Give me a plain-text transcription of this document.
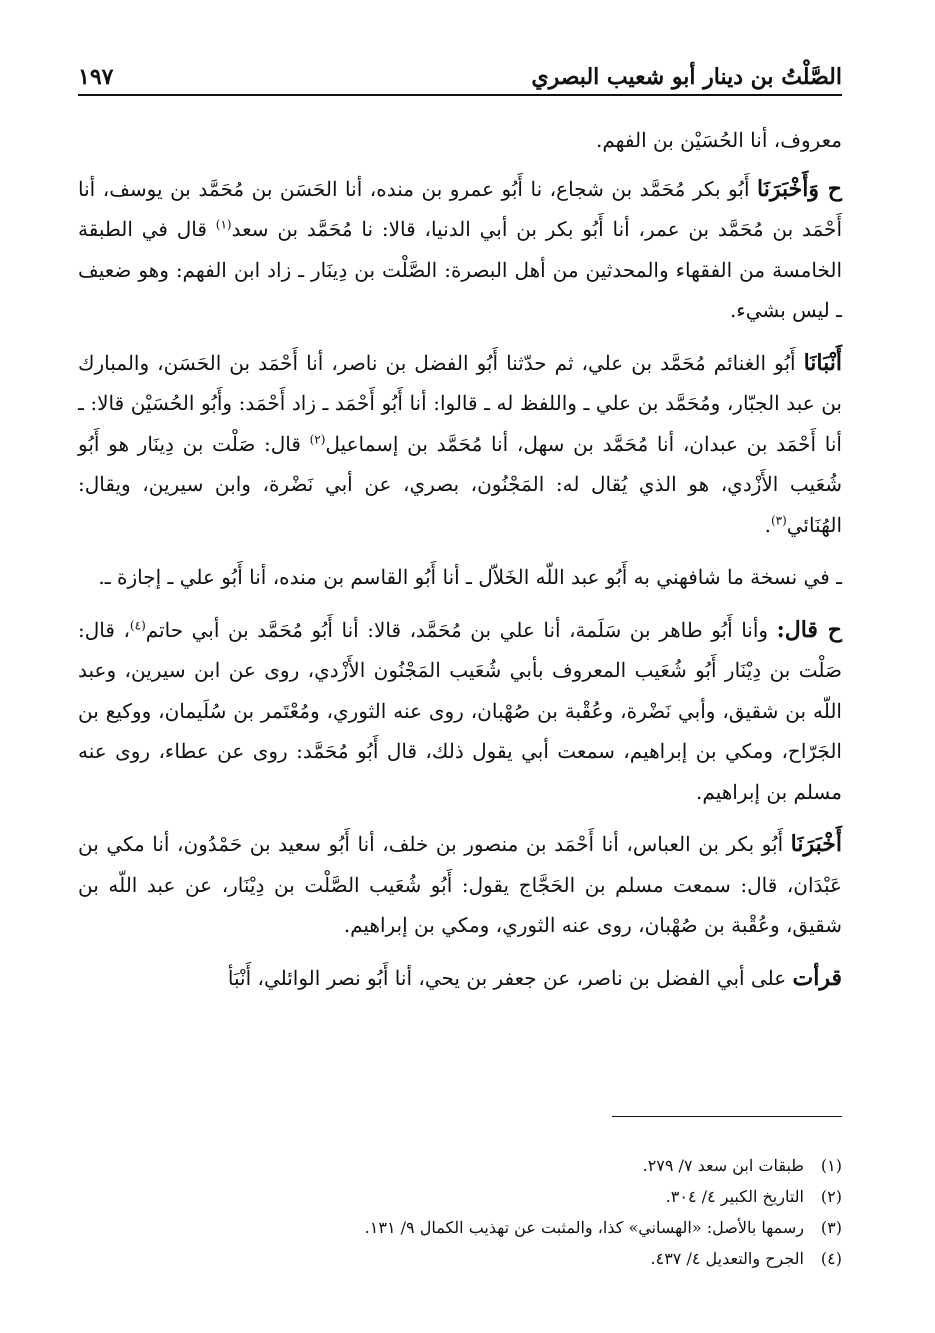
الصَّلْتُ بن دينار أبو شعيب البصري
١٩٧

معروف، أنا الحُسَيْن بن الفهم.

ح وَأَخْبَرَنَا أَبُو بكر مُحَمَّد بن شجاع، نا أَبُو عمرو بن منده، أنا الحَسَن بن مُحَمَّد بن يوسف، أنا أَحْمَد بن مُحَمَّد بن عمر، أنا أَبُو بكر بن أبي الدنيا، قالا: نا مُحَمَّد بن سعد$^{(١)}$ قال في الطبقة الخامسة من الفقهاء والمحدثين من أهل البصرة: الصَّلْت بن دِينَار ـ زاد ابن الفهم: وهو ضعيف ـ ليس بشيء.

أَنْبَانَا أَبُو الغنائم مُحَمَّد بن علي، ثم حدّثنا أَبُو الفضل بن ناصر، أنا أَحْمَد بن الحَسَن، والمبارك بن عبد الجبّار، ومُحَمَّد بن علي ـ واللفظ له ـ قالوا: أنا أَبُو أَحْمَد ـ زاد أَحْمَد: وأَبُو الحُسَيْن قالا: ـ أنا أَحْمَد بن عبدان، أنا مُحَمَّد بن سهل، أنا مُحَمَّد بن إسماعيل$^{(٢)}$ قال: صَلْت بن دِينَار هو أَبُو شُعَيب الأَزْدي، هو الذي يُقال له: المَجْنُون، بصري، عن أبي نَضْرة، وابن سيرين، ويقال: الهُنَائي$^{(٣)}$.

ـ في نسخة ما شافهني به أَبُو عبد اللّه الخَلاّل ـ أنا أَبُو القاسم بن منده، أنا أَبُو علي ـ إجازة ـ.

ح قال: وأنا أَبُو طاهر بن سَلَمة، أنا علي بن مُحَمَّد، قالا: أنا أَبُو مُحَمَّد بن أبي حاتم$^{(٤)}$، قال: صَلْت بن دِيْنَار أَبُو شُعَيب المعروف بأبي شُعَيب المَجْنُون الأَزْدي، روى عن ابن سيرين، وعبد اللّه بن شقيق، وأبي نَضْرة، وعُقْبة بن صُهْبان، روى عنه الثوري، ومُعْتَمر بن سُلَيمان، ووكيع بن الجَرّاح، ومكي بن إبراهيم، سمعت أبي يقول ذلك، قال أَبُو مُحَمَّد: روى عن عطاء، روى عنه مسلم بن إبراهيم.

أَخْبَرَنَا أَبُو بكر بن العباس، أنا أَحْمَد بن منصور بن خلف، أنا أَبُو سعيد بن حَمْدُون، أنا مكي بن عَبْدَان، قال: سمعت مسلم بن الحَجَّاج يقول: أَبُو شُعَيب الصَّلْت بن دِيْنَار، عن عبد اللّه بن شقيق، وعُقْبة بن صُهْبان، روى عنه الثوري، ومكي بن إبراهيم.

قرأت على أبي الفضل بن ناصر، عن جعفر بن يحي، أنا أَبُو نصر الوائلي، أَنْبَأ

(١)
طبقات ابن سعد ٧/ ٢٧٩.
(٢)
التاريخ الكبير ٤/ ٣٠٤.
(٣)
رسمها بالأصل: «الهساني» كذا، والمثبت عن تهذيب الكمال ٩/ ١٣١.
(٤)
الجرح والتعديل ٤/ ٤٣٧.
